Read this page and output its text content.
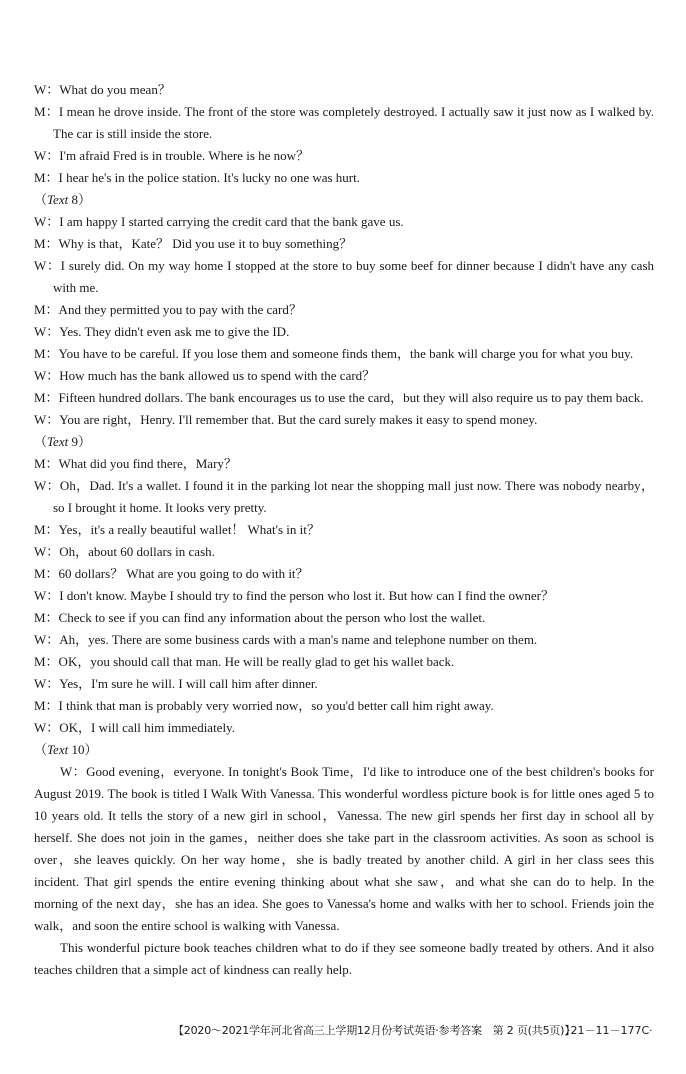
W：What do you mean？

M：I mean he drove inside. The front of the store was completely destroyed. I actually saw it just now as I walked by. The car is still inside the store.

W：I'm afraid Fred is in trouble. Where is he now？

M：I hear he's in the police station. It's lucky no one was hurt.

（Text 8）

W：I am happy I started carrying the credit card that the bank gave us.

M：Why is that，Kate？ Did you use it to buy something？

W：I surely did. On my way home I stopped at the store to buy some beef for dinner because I didn't have any cash with me.

M：And they permitted you to pay with the card？

W：Yes. They didn't even ask me to give the ID.

M：You have to be careful. If you lose them and someone finds them，the bank will charge you for what you buy.

W：How much has the bank allowed us to spend with the card？

M：Fifteen hundred dollars. The bank encourages us to use the card，but they will also require us to pay them back.

W：You are right，Henry. I'll remember that. But the card surely makes it easy to spend money.

（Text 9）

M：What did you find there，Mary？

W：Oh，Dad. It's a wallet. I found it in the parking lot near the shopping mall just now. There was nobody nearby，so I brought it home. It looks very pretty.

M：Yes，it's a really beautiful wallet！ What's in it？

W：Oh，about 60 dollars in cash.

M：60 dollars？ What are you going to do with it？

W：I don't know. Maybe I should try to find the person who lost it. But how can I find the owner？

M：Check to see if you can find any information about the person who lost the wallet.

W：Ah，yes. There are some business cards with a man's name and telephone number on them.

M：OK，you should call that man. He will be really glad to get his wallet back.

W：Yes，I'm sure he will. I will call him after dinner.

M：I think that man is probably very worried now，so you'd better call him right away.

W：OK，I will call him immediately.

（Text 10）

W：Good evening，everyone. In tonight's Book Time，I'd like to introduce one of the best children's books for August 2019. The book is titled I Walk With Vanessa. This wonderful wordless picture book is for little ones aged 5 to 10 years old. It tells the story of a new girl in school，Vanessa. The new girl spends her first day in school all by herself. She does not join in the games，neither does she take part in the classroom activities. As soon as school is over，she leaves quickly. On her way home，she is badly treated by another child. A girl in her class sees this incident. That girl spends the entire evening thinking about what she saw，and what she can do to help. In the morning of the next day，she has an idea. She goes to Vanessa's home and walks with her to school. Friends join the walk，and soon the entire school is walking with Vanessa.

This wonderful picture book teaches children what to do if they see someone badly treated by others. And it also teaches children that a simple act of kindness can really help.

【2020～2021学年河北省高三上学期12月份考试英语·参考答案　第 2 页(共5页)】
·21－11－177C·
